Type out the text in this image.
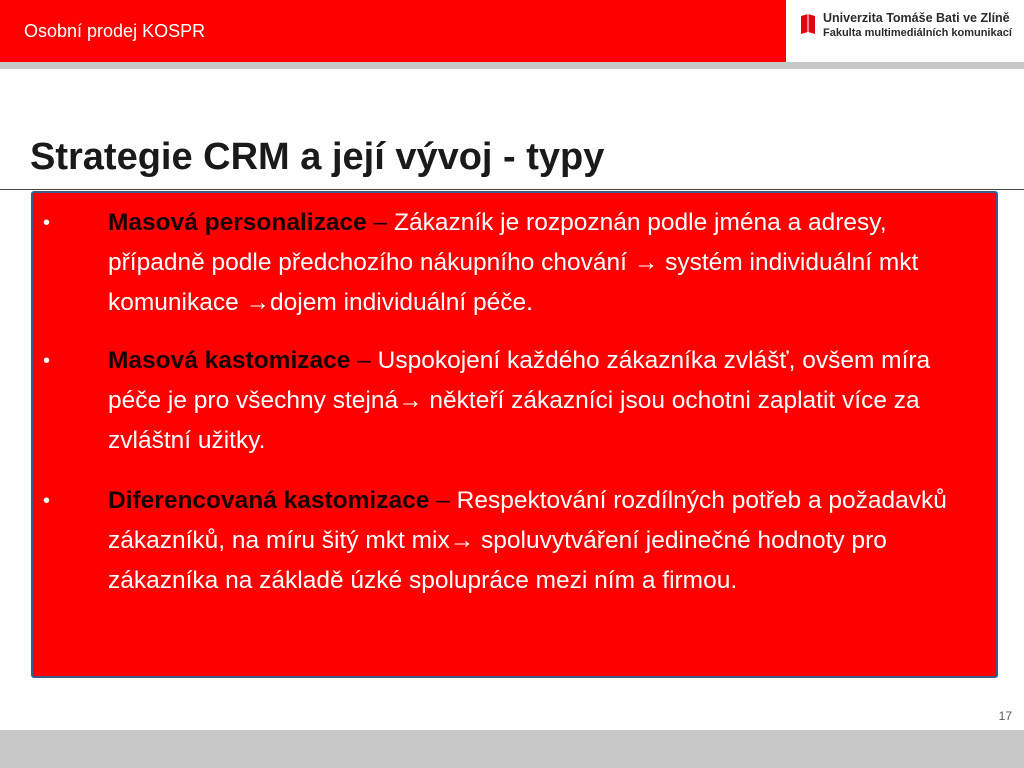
Osobní prodej KOSPR
Univerzita Tomáše Bati ve Zlíně
Fakulta multimediálních komunikací
Strategie CRM a její vývoj - typy
• Masová personalizace – Zákazník je rozpoznán podle jména a adresy, případně podle předchozího nákupního chování → systém individuální mkt komunikace →dojem individuální péče.

• Masová kastomizace – Uspokojení každého zákazníka zvlášť, ovšem míra péče je pro všechny stejná→ někteří zákazníci jsou ochotni zaplatit více za zvláštní užitky.

• Diferencovaná kastomizace – Respektování rozdílných potřeb a požadavků zákazníků, na míru šitý mkt mix→ spoluvytváření jedinečné hodnoty pro zákazníka na základě úzké spolupráce mezi ním a firmou.

17
